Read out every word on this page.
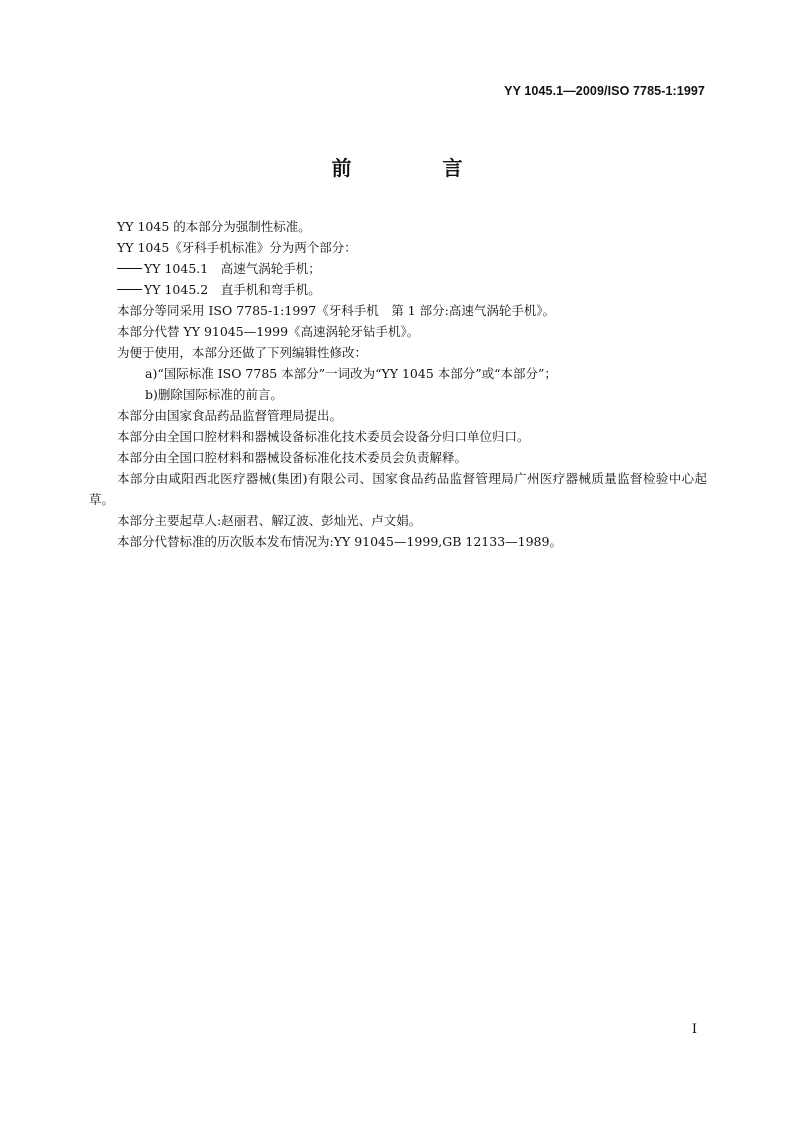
YY 1045.1—2009/ISO 7785-1:1997
前 言

YY 1045 的本部分为强制性标准。

YY 1045《牙科手机标准》分为两个部分：

YY 1045.1　高速气涡轮手机；

YY 1045.2　直手机和弯手机。

本部分等同采用 ISO 7785-1:1997《牙科手机　第 1 部分:高速气涡轮手机》。

本部分代替 YY 91045—1999《高速涡轮牙钻手机》。

为便于使用，本部分还做了下列编辑性修改：

a)“国际标准 ISO 7785 本部分”一词改为“YY 1045 本部分”或“本部分”；

b)删除国际标准的前言。

本部分由国家食品药品监督管理局提出。

本部分由全国口腔材料和器械设备标准化技术委员会设备分归口单位归口。

本部分由全国口腔材料和器械设备标准化技术委员会负责解释。

本部分由咸阳西北医疗器械(集团)有限公司、国家食品药品监督管理局广州医疗器械质量监督检验中心起草。

本部分主要起草人:赵丽君、解辽波、彭灿光、卢文娟。

本部分代替标准的历次版本发布情况为:YY 91045—1999,GB 12133—1989。

I
